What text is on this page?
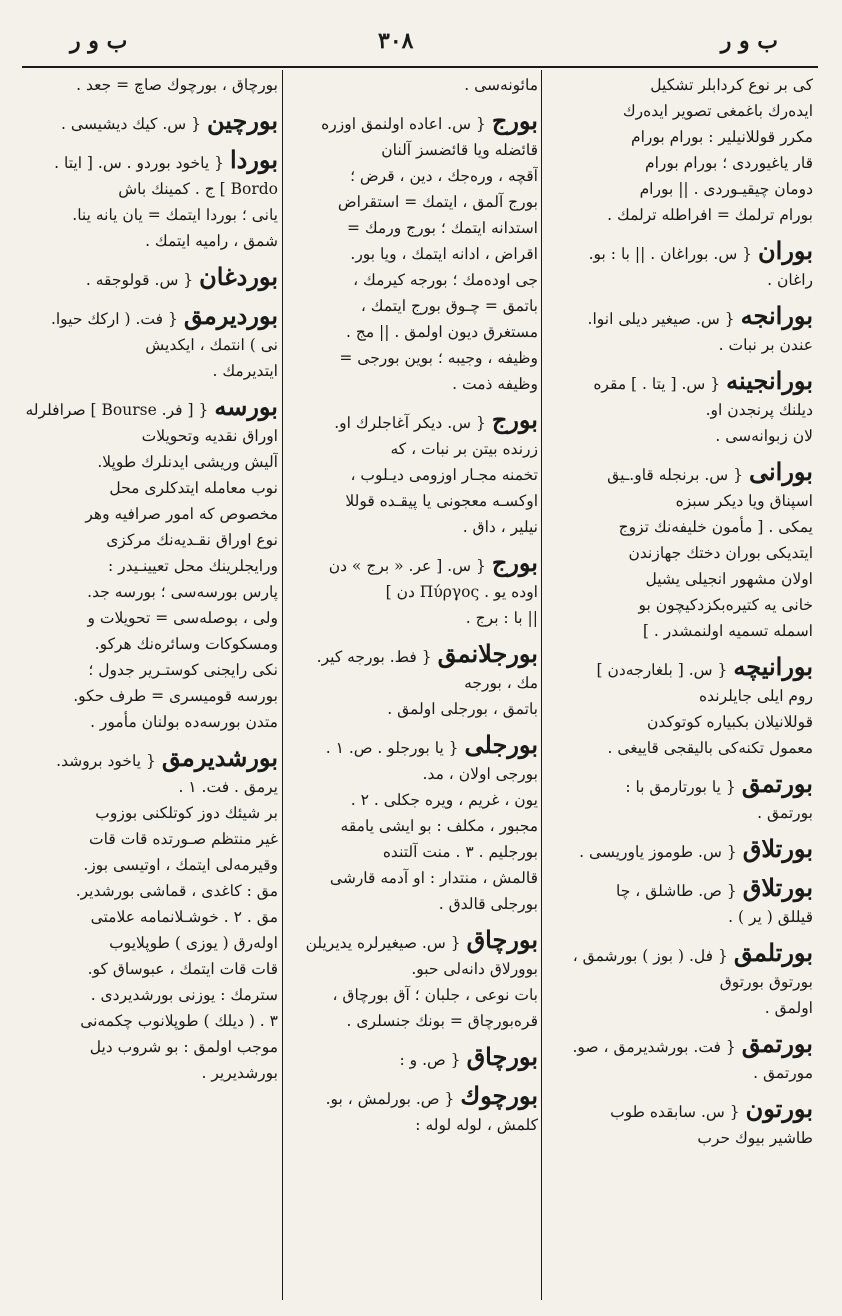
ب و ر
۳۰۸
ب و ر
كى بر نوع كردابلر تشكيل
ايدەرك باغمغى تصوير ايدەرك
مكرر قوللانيلير : بورام بورام
قار ياغيوردى ؛ بورام بورام
دومان چيقيـوردى . || بورام
بورام ترلمك = افراطله ترلمك .
بوران{ س. بوراغان . || با : بو.
راغان .
بورانجه{ س. صيغير ديلى انوا.
عندن بر نبات .
بورانجينه{ س. [ يتا . ] مقره
ديلنك پرنجدن او.
لان زبوانەسى .
بورانى{ س. برنجله قاو.ـيق
اسپناق ويا ديكر سبزه
يمكى . [ مأمون خليفەنك تزوج
ايتديكى بوران دختك جهازندن
اولان مشهور انجيلى يشيل
خانى يه كتيرەبكزدكيچون بو
اسمله تسميه اولنمشدر . ]
بورانيچه{ س. [ بلغارجەدن ]
روم ايلى جايلرنده
قوللانيلان بكبياره كوتوكدن
معمول تكنەكى باليقجى قاييغى .
بورتمق{ يا بورتارمق با :
بورتمق .
بورتلاق{ س. طوموز ياوريسى .
بورتلاق{ ص. طاشلق ، چا
قيللق ( ير ) .
بورتلمق{ فل. ( بوز ) بورشمق ،
بورتوق بورتوق
اولمق .
بورتمق{ فت. بورشديرمق ، صو.
مورتمق .
بورتون{ س. سابقده طوب
طاشير بيوك حرب
مائونەسى .
بورج{ س. اعاده اولنمق اوزره
قائضله ويا قائضسز آلنان
آقچه ، ورەجك ، دين ، قرض ؛
بورج آلمق ، ايتمك = استقراض
استدانه ايتمك ؛ بورج ورمك =
اقراض ، ادانه ايتمك ، ويا بور.
جى اودەمك ؛ بورجه كيرمك ،
باتمق = چـوق بورج ايتمك ،
مستغرق ديون اولمق . || مج .
وظيفه ، وجيبه ؛ بوين بورجى =
وظيفه ذمت .
بورج{ س. ديكر آغاجلرك او.
زرنده بيتن بر نبات ، كه
تخمنه مجـار اوزومى ديـلوب ،
اوكسـه معجونى يا پيقـده قوللا
نيلير ، داق .
بورج{ س. [ عر. « برج » دن
اوده يو . Πύργος دن ]
|| با : برج .
بورجلانمق{ فط. بورجه كير.
مك ، بورجه
باتمق ، بورجلى اولمق .
بورجلى{ يا بورجلو . ص. ۱ .
بورجى اولان ، مد.
يون ، غريم ، ويره جكلى . ۲ .
مجبور ، مكلف : بو ايشى يامقه
بورجليم . ۳ . منت آلتنده
قالمش ، منتدار : او آدمه قارشى
بورجلى قالدق .
بورچاق{ س. صيغيرلره يديريلن
بوورلاق دانەلى حبو.
بات نوعى ، جلبان ؛ آق بورچاق ،
قرەبورچاق = بونك جنسلرى .
بورچاق{ ص. و :
بورچوك{ ص. بورلمش ، بو.
كلمش ، لوله لوله :
بورچاق ، بورچوك صاچ = جعد .
بورچين{ س. كيك ديشيسى .
بوردا{ ياخود بوردو . س. [ ايتا .
Bordo ] ج . كمينك باش
يانى ؛ بوردا ايتمك = يان يانه ينا.
شمق ، راميه ايتمك .
بوردغان{ س. قولوجقه .
بورديرمق{ فت. ( اركك حيوا.
نى ) انتمك ، ايكديش
ايتديرمك .
بورسه{ [ فر. Bourse ] صرافلرله
اوراق نقديه وتحويلات
آليش وريشى ايدنلرك طوپلا.
نوب معامله ايتدكلرى محل
مخصوص كه امور صرافيه وهر
نوع اوراق نقـديەنك مركزى
ورايجلرينك محل تعيينـيدر :
پارس بورسەسى ؛ بورسه جد.
ولى ، بوصلەسى = تحويلات و
ومسكوكات وسائرەنك هركو.
نكى رايجنى كوستـرير جدول ؛
بورسه قوميسرى = طرف حكو.
متدن بورسەده بولنان مأمور .
بورشديرمق{ ياخود بروشد.
يرمق . فت. ۱ .
بر شيئك دوز كوتلكنى بوزوب
غير منتظم صـورتده قات قات
وقيرمەلى ايتمك ، اوتيسى بوز.
مق : كاغدى ، قماشى بورشدير.
مق . ۲ . خوشـلانمامه علامتى
اولەرق ( يوزى ) طوپلايوب
قات قات ايتمك ، عبوساق كو.
سترمك : يوزنى بورشديردى .
۳ . ( ديلك ) طوپلانوب چكمەنى
موجب اولمق : بو شروب ديل
بورشديرير .
